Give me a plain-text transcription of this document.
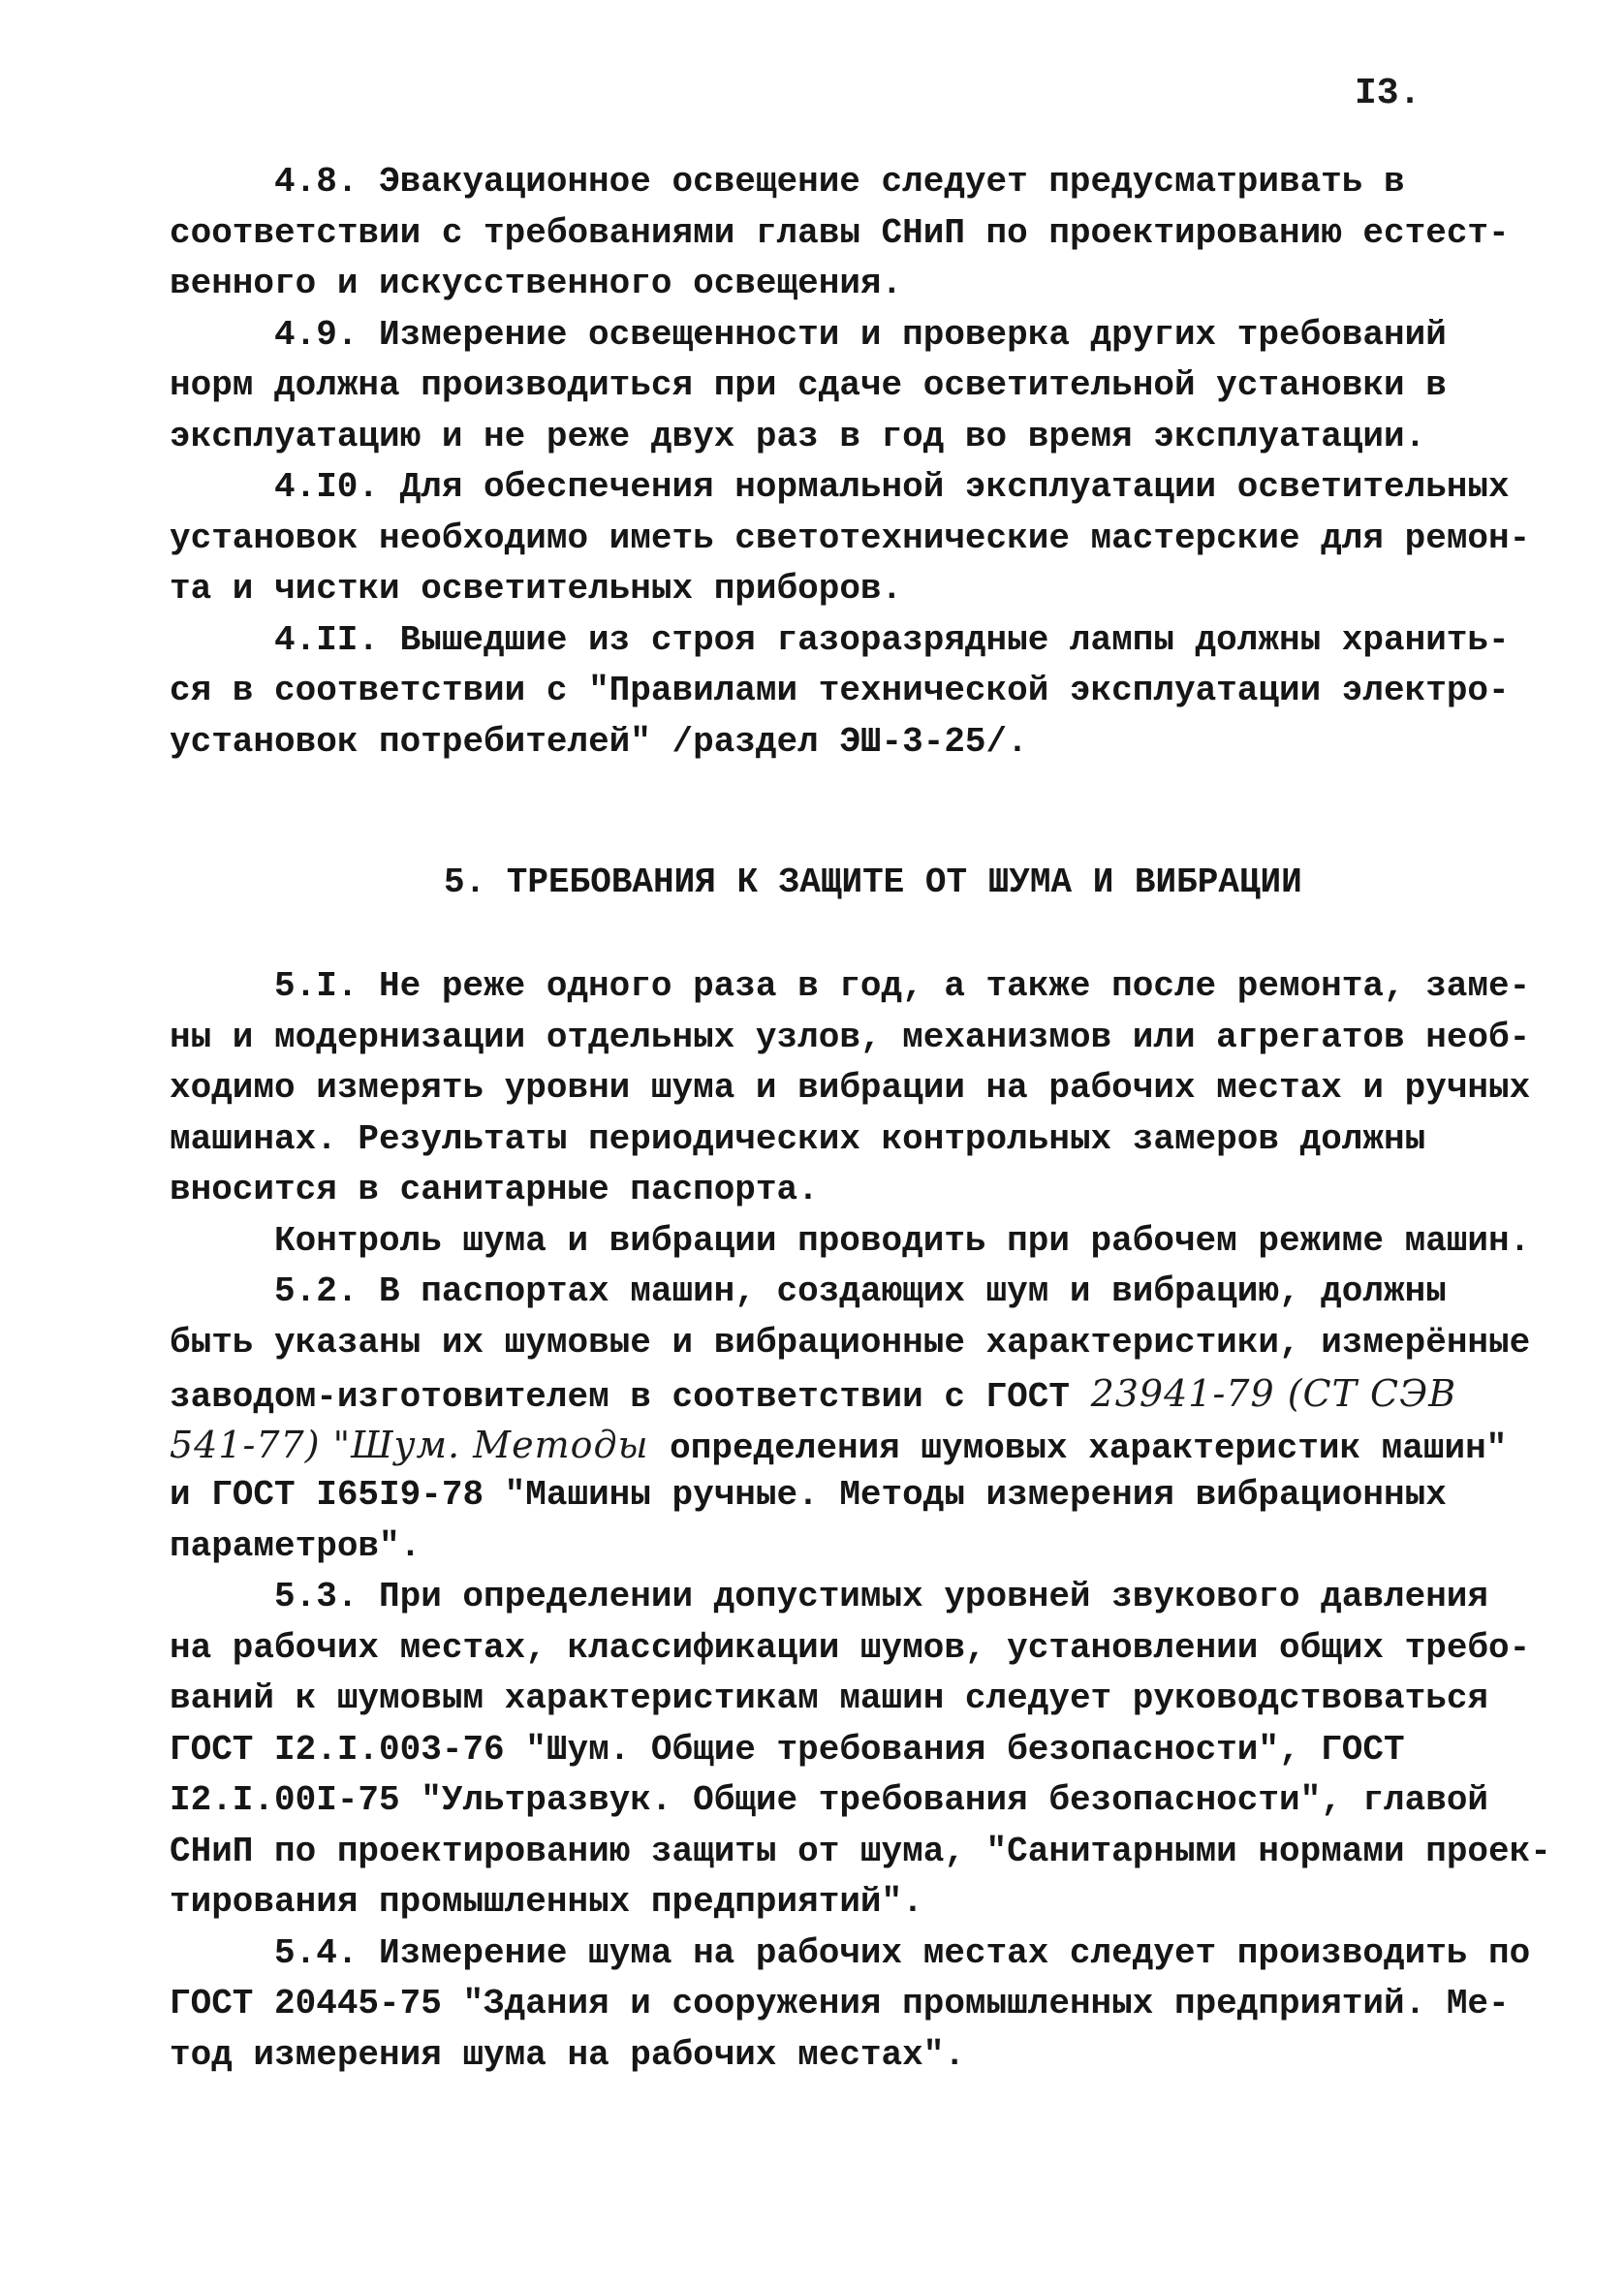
I3.
4.8. Эвакуационное освещение следует предусматривать в
соответствии с требованиями главы СНиП по проектированию естест-
венного и искусственного освещения.
4.9. Измерение освещенности и проверка других требований
норм должна производиться при сдаче осветительной установки в
эксплуатацию и не реже двух раз в год во время эксплуатации.
4.I0. Для обеспечения нормальной эксплуатации осветительных
установок необходимо иметь светотехнические мастерские для ремон-
та и чистки осветительных приборов.
4.II. Вышедшие из строя газоразрядные лампы должны хранить-
ся в соответствии с "Правилами технической эксплуатации электро-
установок потребителей" /раздел ЭШ-3-25/.
5. ТРЕБОВАНИЯ К ЗАЩИТЕ ОТ ШУМА И ВИБРАЦИИ
5.I. Не реже одного раза в год, а также после ремонта, заме-
ны и модернизации отдельных узлов, механизмов или агрегатов необ-
ходимо измерять уровни шума и вибрации на рабочих местах и ручных
машинах. Результаты периодических контрольных замеров должны
вносится в санитарные паспорта.
Контроль шума и вибрации проводить при рабочем режиме машин.
5.2. В паспортах машин, создающих шум и вибрацию, должны
быть указаны их шумовые и вибрационные характеристики, измерённые
заводом-изготовителем в соответствии с ГОСТ 23941-79 (СТ СЭВ
541-77) "Шум. Методы определения шумовых характеристик машин"
и ГОСТ I65I9-78 "Машины ручные. Методы измерения вибрационных
параметров".
5.3. При определении допустимых уровней звукового давления
на рабочих местах, классификации шумов, установлении общих требо-
ваний к шумовым характеристикам машин следует руководствоваться
ГОСТ I2.I.003-76 "Шум. Общие требования безопасности", ГОСТ
I2.I.00I-75 "Ультразвук. Общие требования безопасности", главой
СНиП по проектированию защиты от шума, "Санитарными нормами проек-
тирования промышленных предприятий".
5.4. Измерение шума на рабочих местах следует производить по
ГОСТ 20445-75 "Здания и сооружения промышленных предприятий. Ме-
тод измерения шума на рабочих местах".
